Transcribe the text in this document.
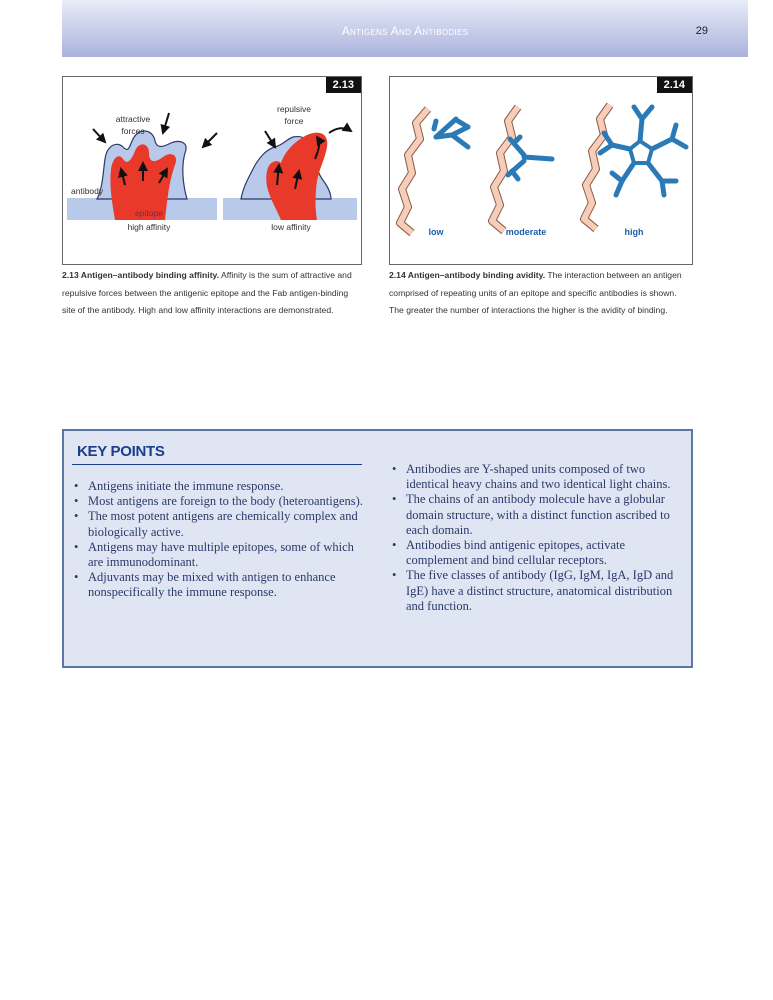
Antigens And Antibodies	29
attractive
forces
repulsive
force
antibody
epitope
high affinity	low affinity
2.13
low	moderate	high
2.14
2.13 Antigen–antibody binding affinity. Affinity is the sum of attractive and repulsive forces between the antigenic epitope and the Fab antigen-binding site of the antibody. High and low affinity interactions are demonstrated.
2.14 Antigen–antibody binding avidity. The interaction between an antigen comprised of repeating units of an epitope and specific antibodies is shown. The greater the number of interactions the higher is the avidity of binding.
KEY POINTS
• Antigens initiate the immune response.
• Most antigens are foreign to the body (heteroantigens).
• The most potent antigens are chemically complex and biologically active.
• Antigens may have multiple epitopes, some of which are immunodominant.
• Adjuvants may be mixed with antigen to enhance nonspecifically the immune response.
• Antibodies are Y-shaped units composed of two identical heavy chains and two identical light chains.
• The chains of an antibody molecule have a globular domain structure, with a distinct function ascribed to each domain.
• Antibodies bind antigenic epitopes, activate complement and bind cellular receptors.
• The five classes of antibody (IgG, IgM, IgA, IgD and IgE) have a distinct structure, anatomical distribution and function.
